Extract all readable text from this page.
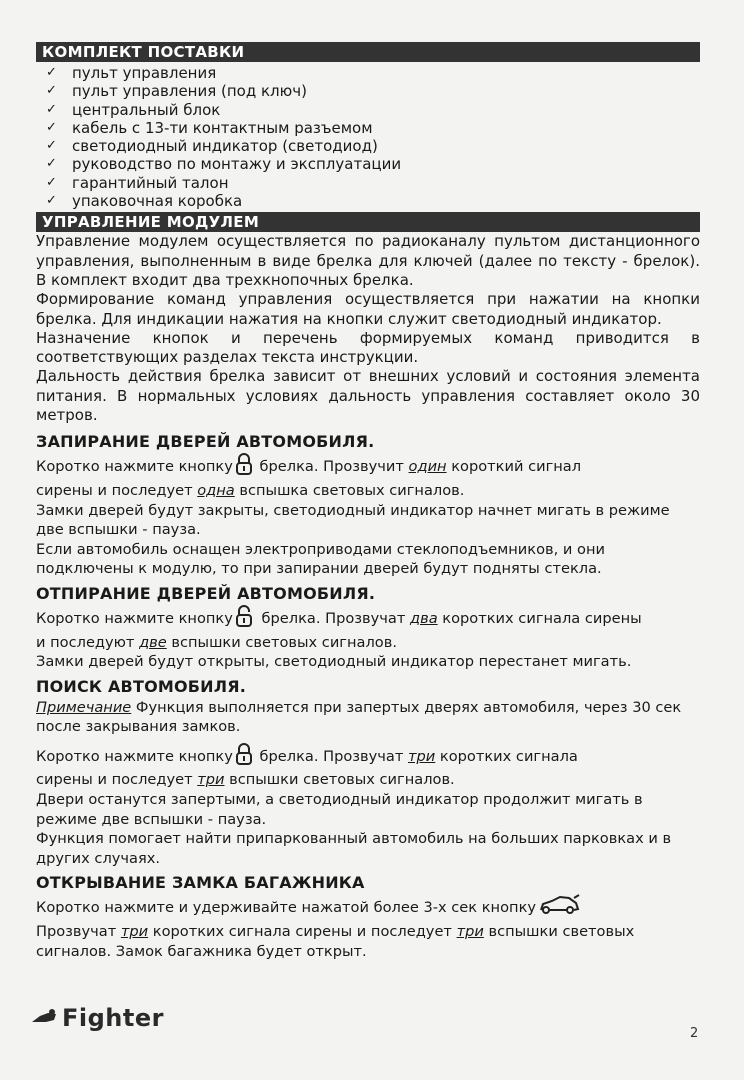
КОМПЛЕКТ ПОСТАВКИ
✓	пульт управления
✓	пульт управления (под ключ)
✓	центральный блок
✓	кабель с 13-ти контактным разъемом
✓	светодиодный индикатор (светодиод)
✓	руководство по монтажу и эксплуатации
✓	гарантийный талон
✓	упаковочная коробка
УПРАВЛЕНИЕ МОДУЛЕМ

Управление модулем осуществляется по радиоканалу пультом дистанционного управления, выполненным в виде брелка для ключей (далее по тексту - брелок). В комплект входит два трехкнопочных брелка.

Формирование команд управления осуществляется при нажатии на кнопки брелка. Для индикации нажатия на кнопки служит светодиодный индикатор.

Назначение кнопок и перечень формируемых команд приводится в соответствующих разделах текста инструкции.

Дальность действия брелка зависит от внешних условий и состояния элемента питания. В нормальных условиях дальность управления составляет около 30 метров.

ЗАПИРАНИЕ ДВЕРЕЙ АВТОМОБИЛЯ.

Коротко нажмите кнопку брелка. Прозвучит один короткий сигнал

сирены и последует одна вспышка световых сигналов.

Замки дверей будут закрыты, светодиодный индикатор начнет мигать в режиме две вспышки - пауза.

Если автомобиль оснащен электроприводами стеклоподъемников, и они подключены к модулю, то при запирании дверей будут подняты стекла.

ОТПИРАНИЕ ДВЕРЕЙ АВТОМОБИЛЯ.

Коротко нажмите кнопку брелка. Прозвучат два коротких сигнала сирены

и последуют две вспышки световых сигналов.

Замки дверей будут открыты, светодиодный индикатор перестанет мигать.

ПОИСК АВТОМОБИЛЯ.

Примечание Функция выполняется при запертых дверях автомобиля, через 30 сек после закрывания замков.

Коротко нажмите кнопку брелка. Прозвучат три коротких сигнала

сирены и последует три вспышки световых сигналов.

Двери останутся запертыми, а светодиодный индикатор продолжит мигать в режиме две вспышки - пауза.

Функция помогает найти припаркованный автомобиль на больших парковках и в других случаях.

ОТКРЫВАНИЕ ЗАМКА БАГАЖНИКА

Коротко нажмите и удерживайте нажатой более 3-х сек кнопку

Прозвучат три коротких сигнала сирены и последует три вспышки световых сигналов. Замок багажника будет открыт.

Fighter
2
